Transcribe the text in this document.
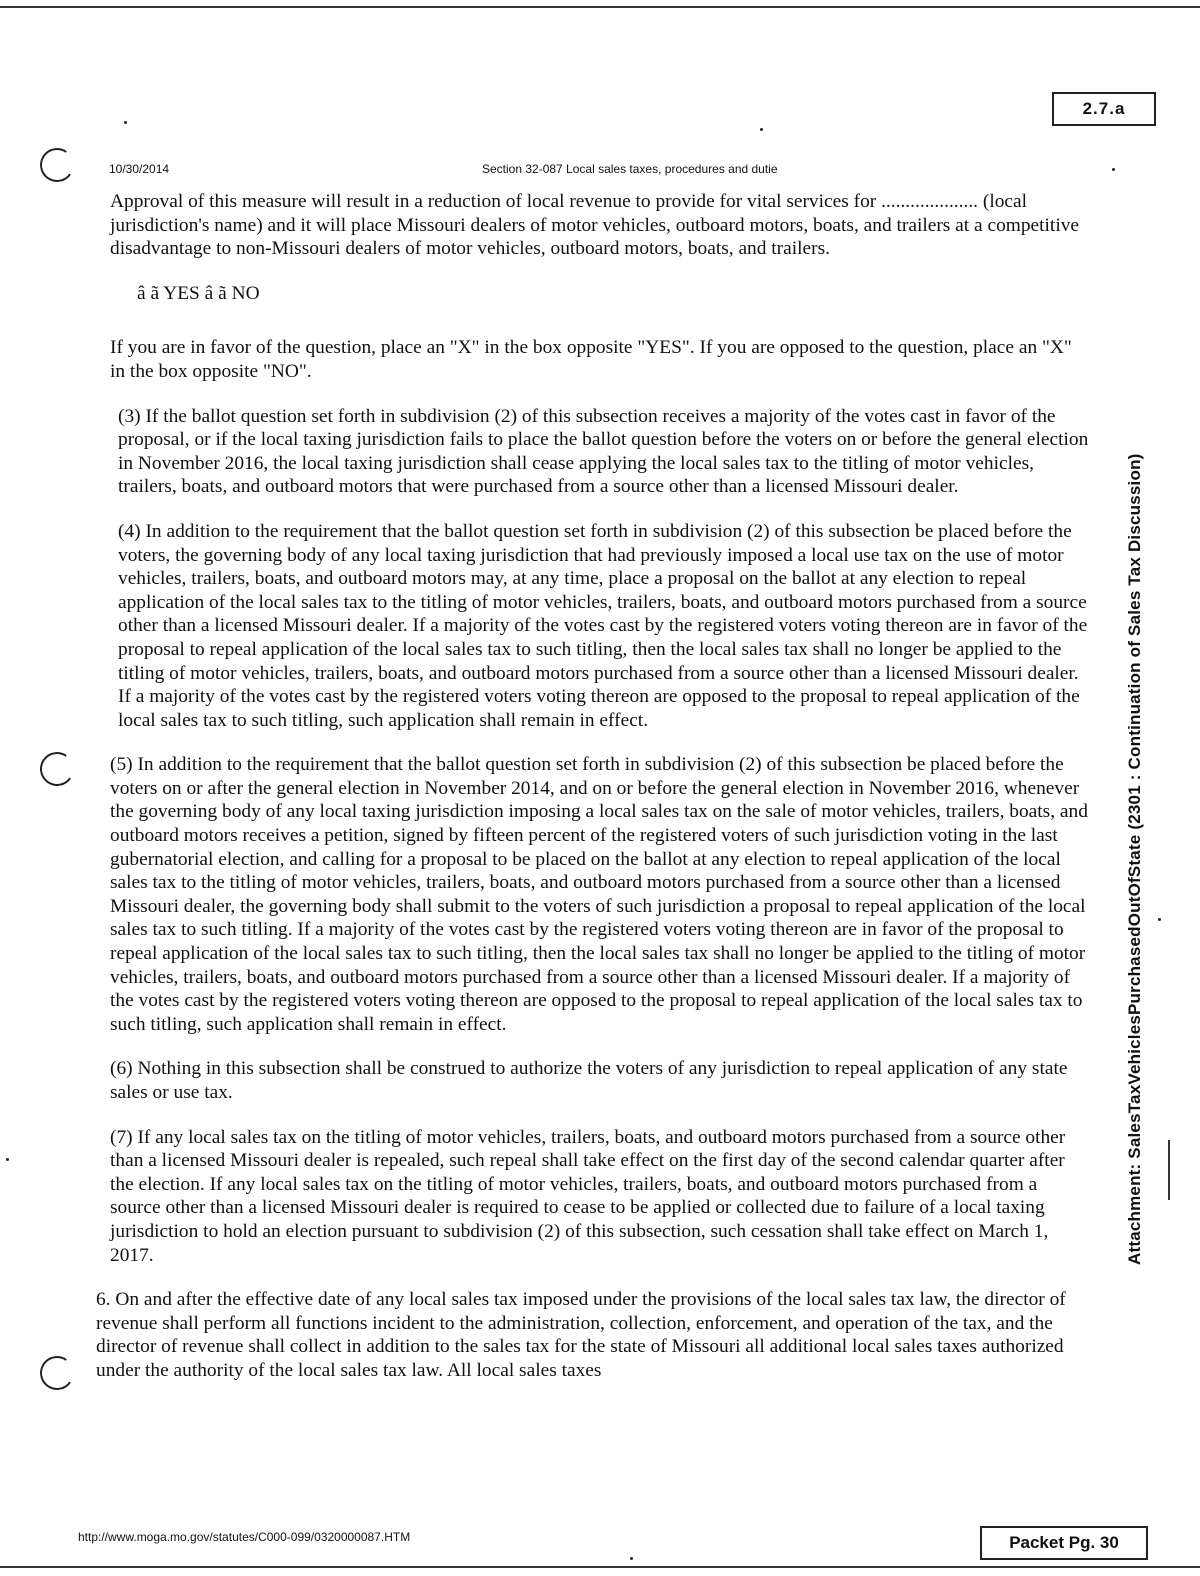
2.7.a
10/30/2014	Section 32-087 Local sales taxes, procedures and dutie

Approval of this measure will result in a reduction of local revenue to provide for vital services for .................... (local jurisdiction's name) and it will place Missouri dealers of motor vehicles, outboard motors, boats, and trailers at a competitive disadvantage to non-Missouri dealers of motor vehicles, outboard motors, boats, and trailers.

â ã YES â ã NO

If you are in favor of the question, place an "X" in the box opposite "YES". If you are opposed to the question, place an "X" in the box opposite "NO".

(3) If the ballot question set forth in subdivision (2) of this subsection receives a majority of the votes cast in favor of the proposal, or if the local taxing jurisdiction fails to place the ballot question before the voters on or before the general election in November 2016, the local taxing jurisdiction shall cease applying the local sales tax to the titling of motor vehicles, trailers, boats, and outboard motors that were purchased from a source other than a licensed Missouri dealer.

(4) In addition to the requirement that the ballot question set forth in subdivision (2) of this subsection be placed before the voters, the governing body of any local taxing jurisdiction that had previously imposed a local use tax on the use of motor vehicles, trailers, boats, and outboard motors may, at any time, place a proposal on the ballot at any election to repeal application of the local sales tax to the titling of motor vehicles, trailers, boats, and outboard motors purchased from a source other than a licensed Missouri dealer. If a majority of the votes cast by the registered voters voting thereon are in favor of the proposal to repeal application of the local sales tax to such titling, then the local sales tax shall no longer be applied to the titling of motor vehicles, trailers, boats, and outboard motors purchased from a source other than a licensed Missouri dealer. If a majority of the votes cast by the registered voters voting thereon are opposed to the proposal to repeal application of the local sales tax to such titling, such application shall remain in effect.

(5) In addition to the requirement that the ballot question set forth in subdivision (2) of this subsection be placed before the voters on or after the general election in November 2014, and on or before the general election in November 2016, whenever the governing body of any local taxing jurisdiction imposing a local sales tax on the sale of motor vehicles, trailers, boats, and outboard motors receives a petition, signed by fifteen percent of the registered voters of such jurisdiction voting in the last gubernatorial election, and calling for a proposal to be placed on the ballot at any election to repeal application of the local sales tax to the titling of motor vehicles, trailers, boats, and outboard motors purchased from a source other than a licensed Missouri dealer, the governing body shall submit to the voters of such jurisdiction a proposal to repeal application of the local sales tax to such titling. If a majority of the votes cast by the registered voters voting thereon are in favor of the proposal to repeal application of the local sales tax to such titling, then the local sales tax shall no longer be applied to the titling of motor vehicles, trailers, boats, and outboard motors purchased from a source other than a licensed Missouri dealer. If a majority of the votes cast by the registered voters voting thereon are opposed to the proposal to repeal application of the local sales tax to such titling, such application shall remain in effect.

(6) Nothing in this subsection shall be construed to authorize the voters of any jurisdiction to repeal application of any state sales or use tax.

(7) If any local sales tax on the titling of motor vehicles, trailers, boats, and outboard motors purchased from a source other than a licensed Missouri dealer is repealed, such repeal shall take effect on the first day of the second calendar quarter after the election. If any local sales tax on the titling of motor vehicles, trailers, boats, and outboard motors purchased from a source other than a licensed Missouri dealer is required to cease to be applied or collected due to failure of a local taxing jurisdiction to hold an election pursuant to subdivision (2) of this subsection, such cessation shall take effect on March 1, 2017.

6. On and after the effective date of any local sales tax imposed under the provisions of the local sales tax law, the director of revenue shall perform all functions incident to the administration, collection, enforcement, and operation of the tax, and the director of revenue shall collect in addition to the sales tax for the state of Missouri all additional local sales taxes authorized under the authority of the local sales tax law. All local sales taxes

Attachment: SalesTaxVehiclesPurchasedOutOfState (2301 : Continuation of Sales Tax Discussion)
http://www.moga.mo.gov/statutes/C000-099/0320000087.HTM	Packet Pg. 30
